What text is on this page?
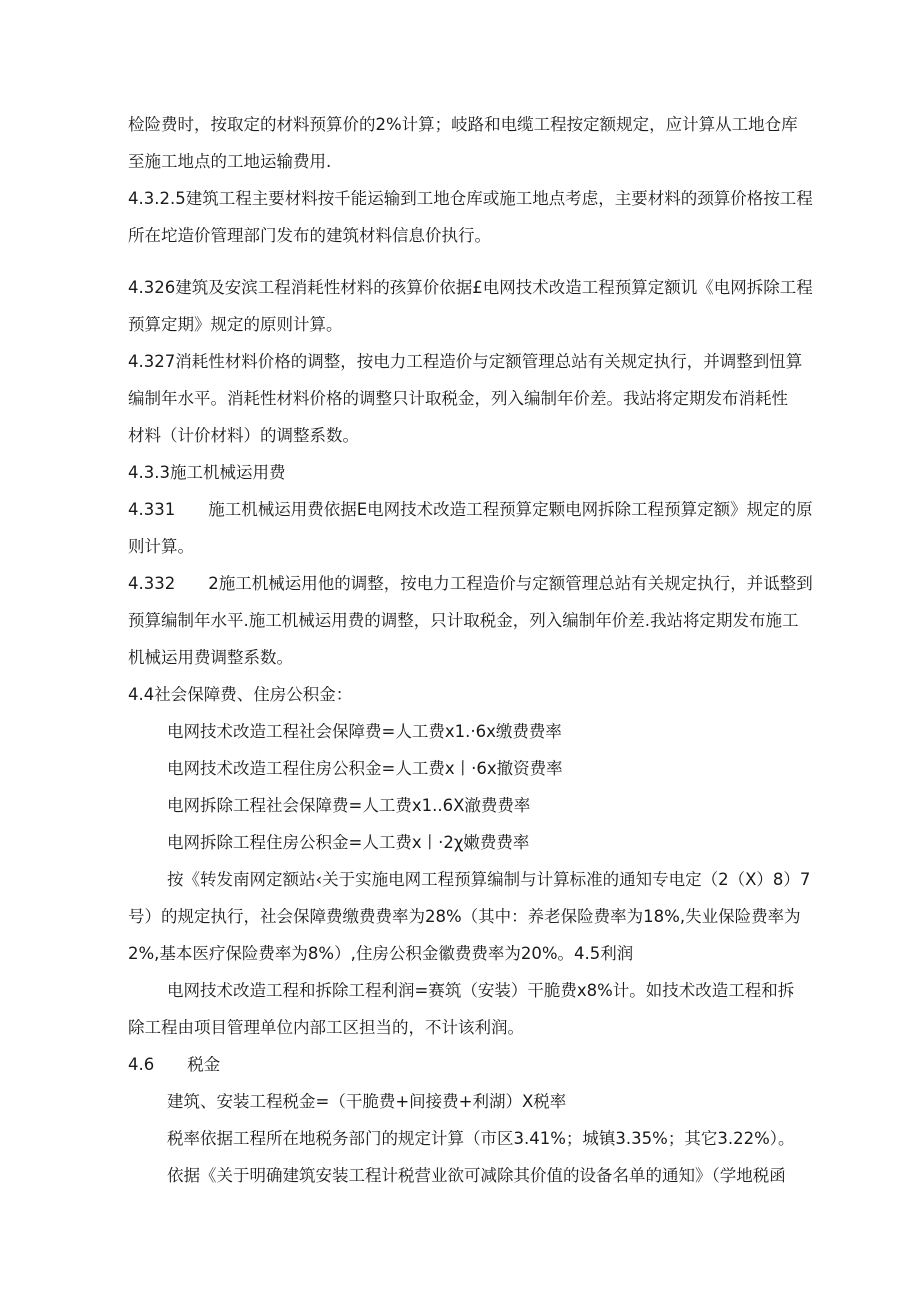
检险费时，按取定的材料预算价的2%计算；岐路和电缆工程按定额规定，应计算从工地仓库
至施工地点的工地运输费用.
4.3.2.5建筑工程主要材料按千能运输到工地仓库或施工地点考虑，主要材料的颈算价格按工程
所在坨造价管理部门发布的建筑材料信息价执行。
4.326建筑及安滨工程消耗性材料的孩算价依据£电网技术改造工程预算定额讥《电网拆除工程
预算定期》规定的原则计算。
4.327消耗性材料价格的调整，按电力工程造价与定额管理总站有关规定执行，并调整到忸算
编制年水平。消耗性材料价格的调整只计取税金，列入编制年价差。我站将定期发布消耗性
材料（计价材料）的调整系数。
4.3.3施工机械运用费
4.331　　施工机械运用费依据E电网技术改造工程预算定颗电网拆除工程预算定额》规定的原
则计算。
4.332　　2施工机械运用他的调整，按电力工程造价与定额管理总站有关规定执行，并诋整到
预算编制年水平.施工机械运用费的调整，只计取税金，列入编制年价差.我站将定期发布施工
机械运用费调整系数。
4.4社会保障费、住房公积金：
电网技术改造工程社会保障费=人工费x1.·6x缴费费率
电网技术改造工程住房公积金=人工费x丨·6x撤资费率
电网拆除工程社会保障费=人工费x1..6X澈费费率
电网拆除工程住房公积金=人工费x丨·2χ嫩费费率
按《转发南网定额站‹关于实施电网工程预算编制与计算标准的通知专电定（2（X）8）7
号）的规定执行，社会保障费缴费费率为28%（其中：养老保险费率为18%,失业保险费率为
2%,基本医疗保险费率为8%）,住房公积金徽费费率为20%。4.5利润
电网技术改造工程和拆除工程利润=赛筑（安装）干脆费x8%计。如技术改造工程和拆
除工程由项目管理单位内部工区担当的，不计该利润。
4.6　　税金
建筑、安装工程税金=（干脆费+间接费+利湖）X税率
税率依据工程所在地税务部门的规定计算（市区3.41%；城镇3.35%；其它3.22%）。
依据《关于明确建筑安装工程计税营业欲可减除其价值的设备名单的通知》（学地税函
